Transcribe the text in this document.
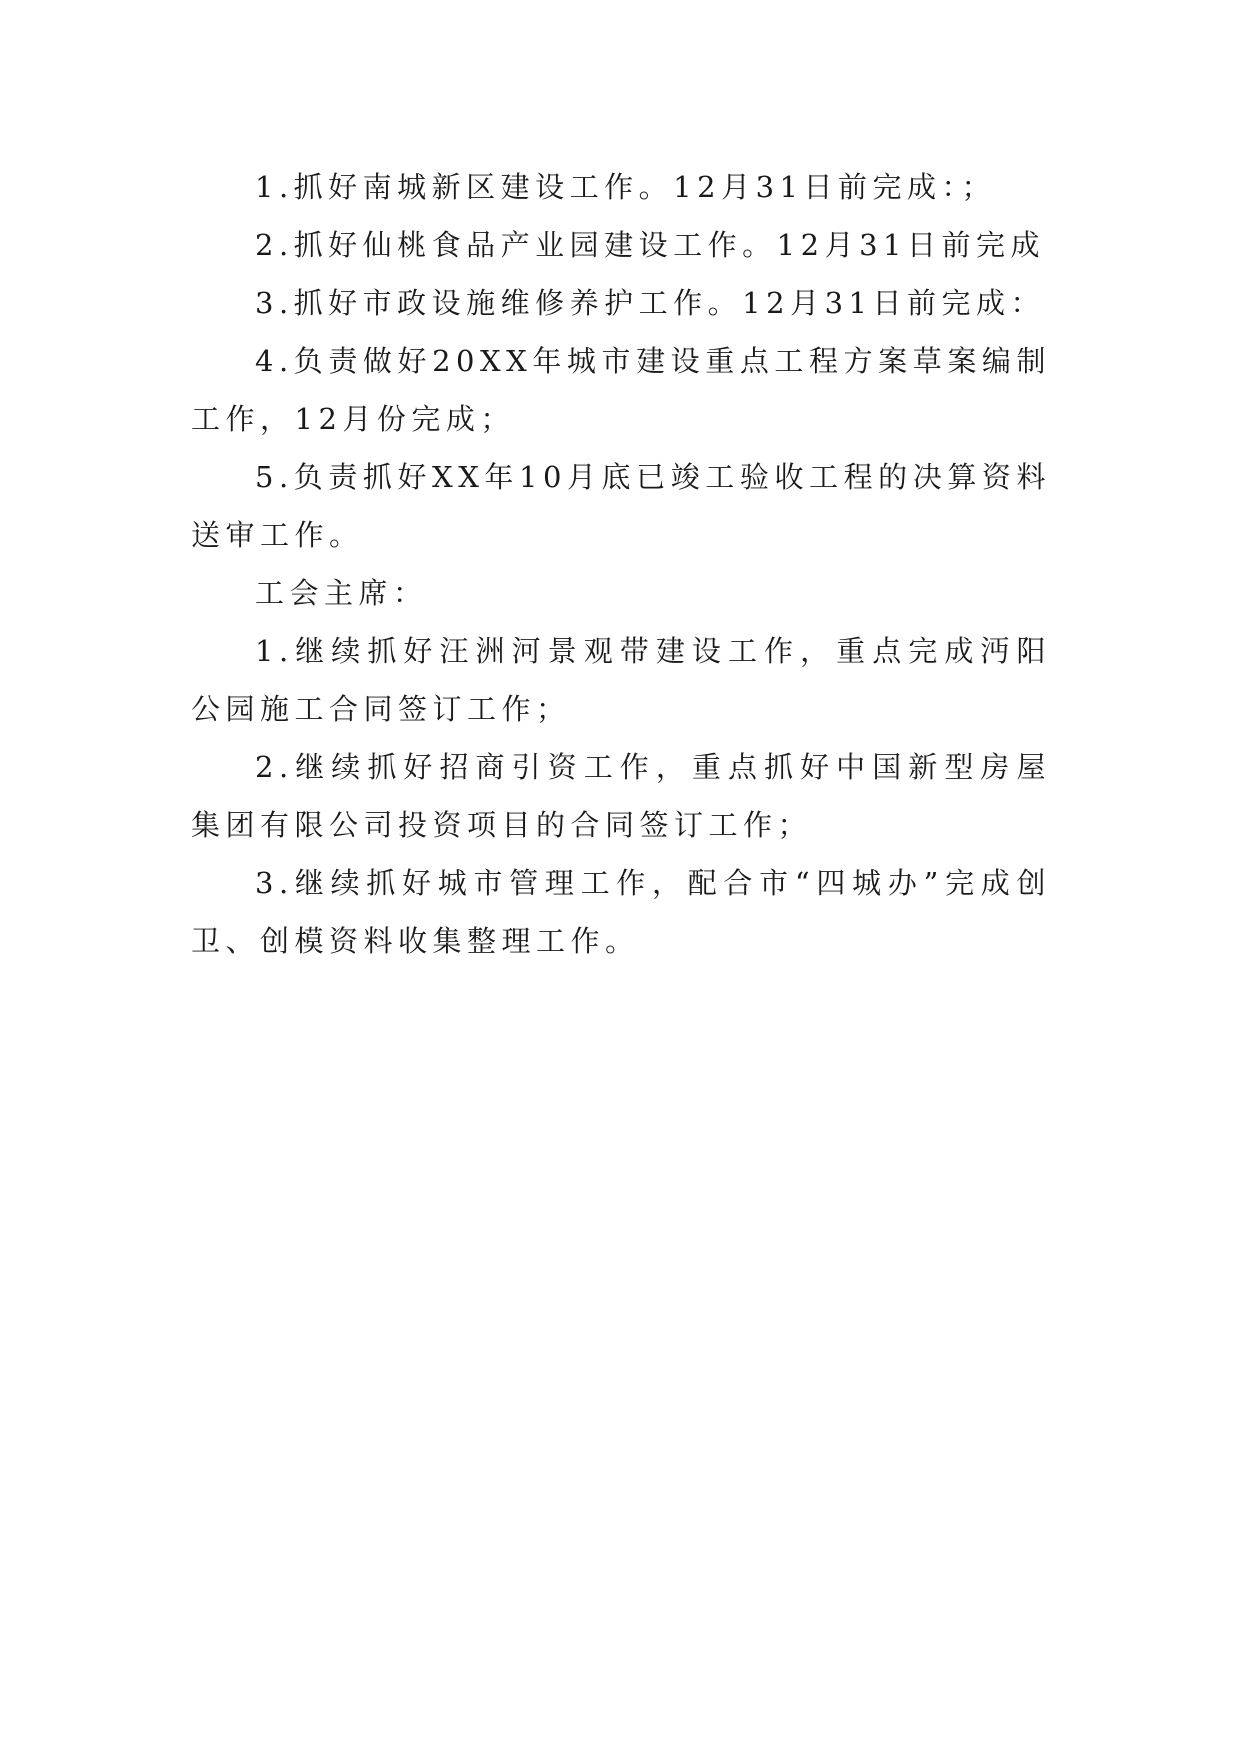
1.抓好南城新区建设工作。12月31日前完成：；

2.抓好仙桃食品产业园建设工作。12月31日前完成

3.抓好市政设施维修养护工作。12月31日前完成：

4.负责做好20XX年城市建设重点工程方案草案编制工作，12月份完成；

5.负责抓好XX年10月底已竣工验收工程的决算资料送审工作。

工会主席：

1.继续抓好汪洲河景观带建设工作，重点完成沔阳公园施工合同签订工作；

2.继续抓好招商引资工作，重点抓好中国新型房屋集团有限公司投资项目的合同签订工作；

3.继续抓好城市管理工作，配合市“四城办”完成创卫、创模资料收集整理工作。
